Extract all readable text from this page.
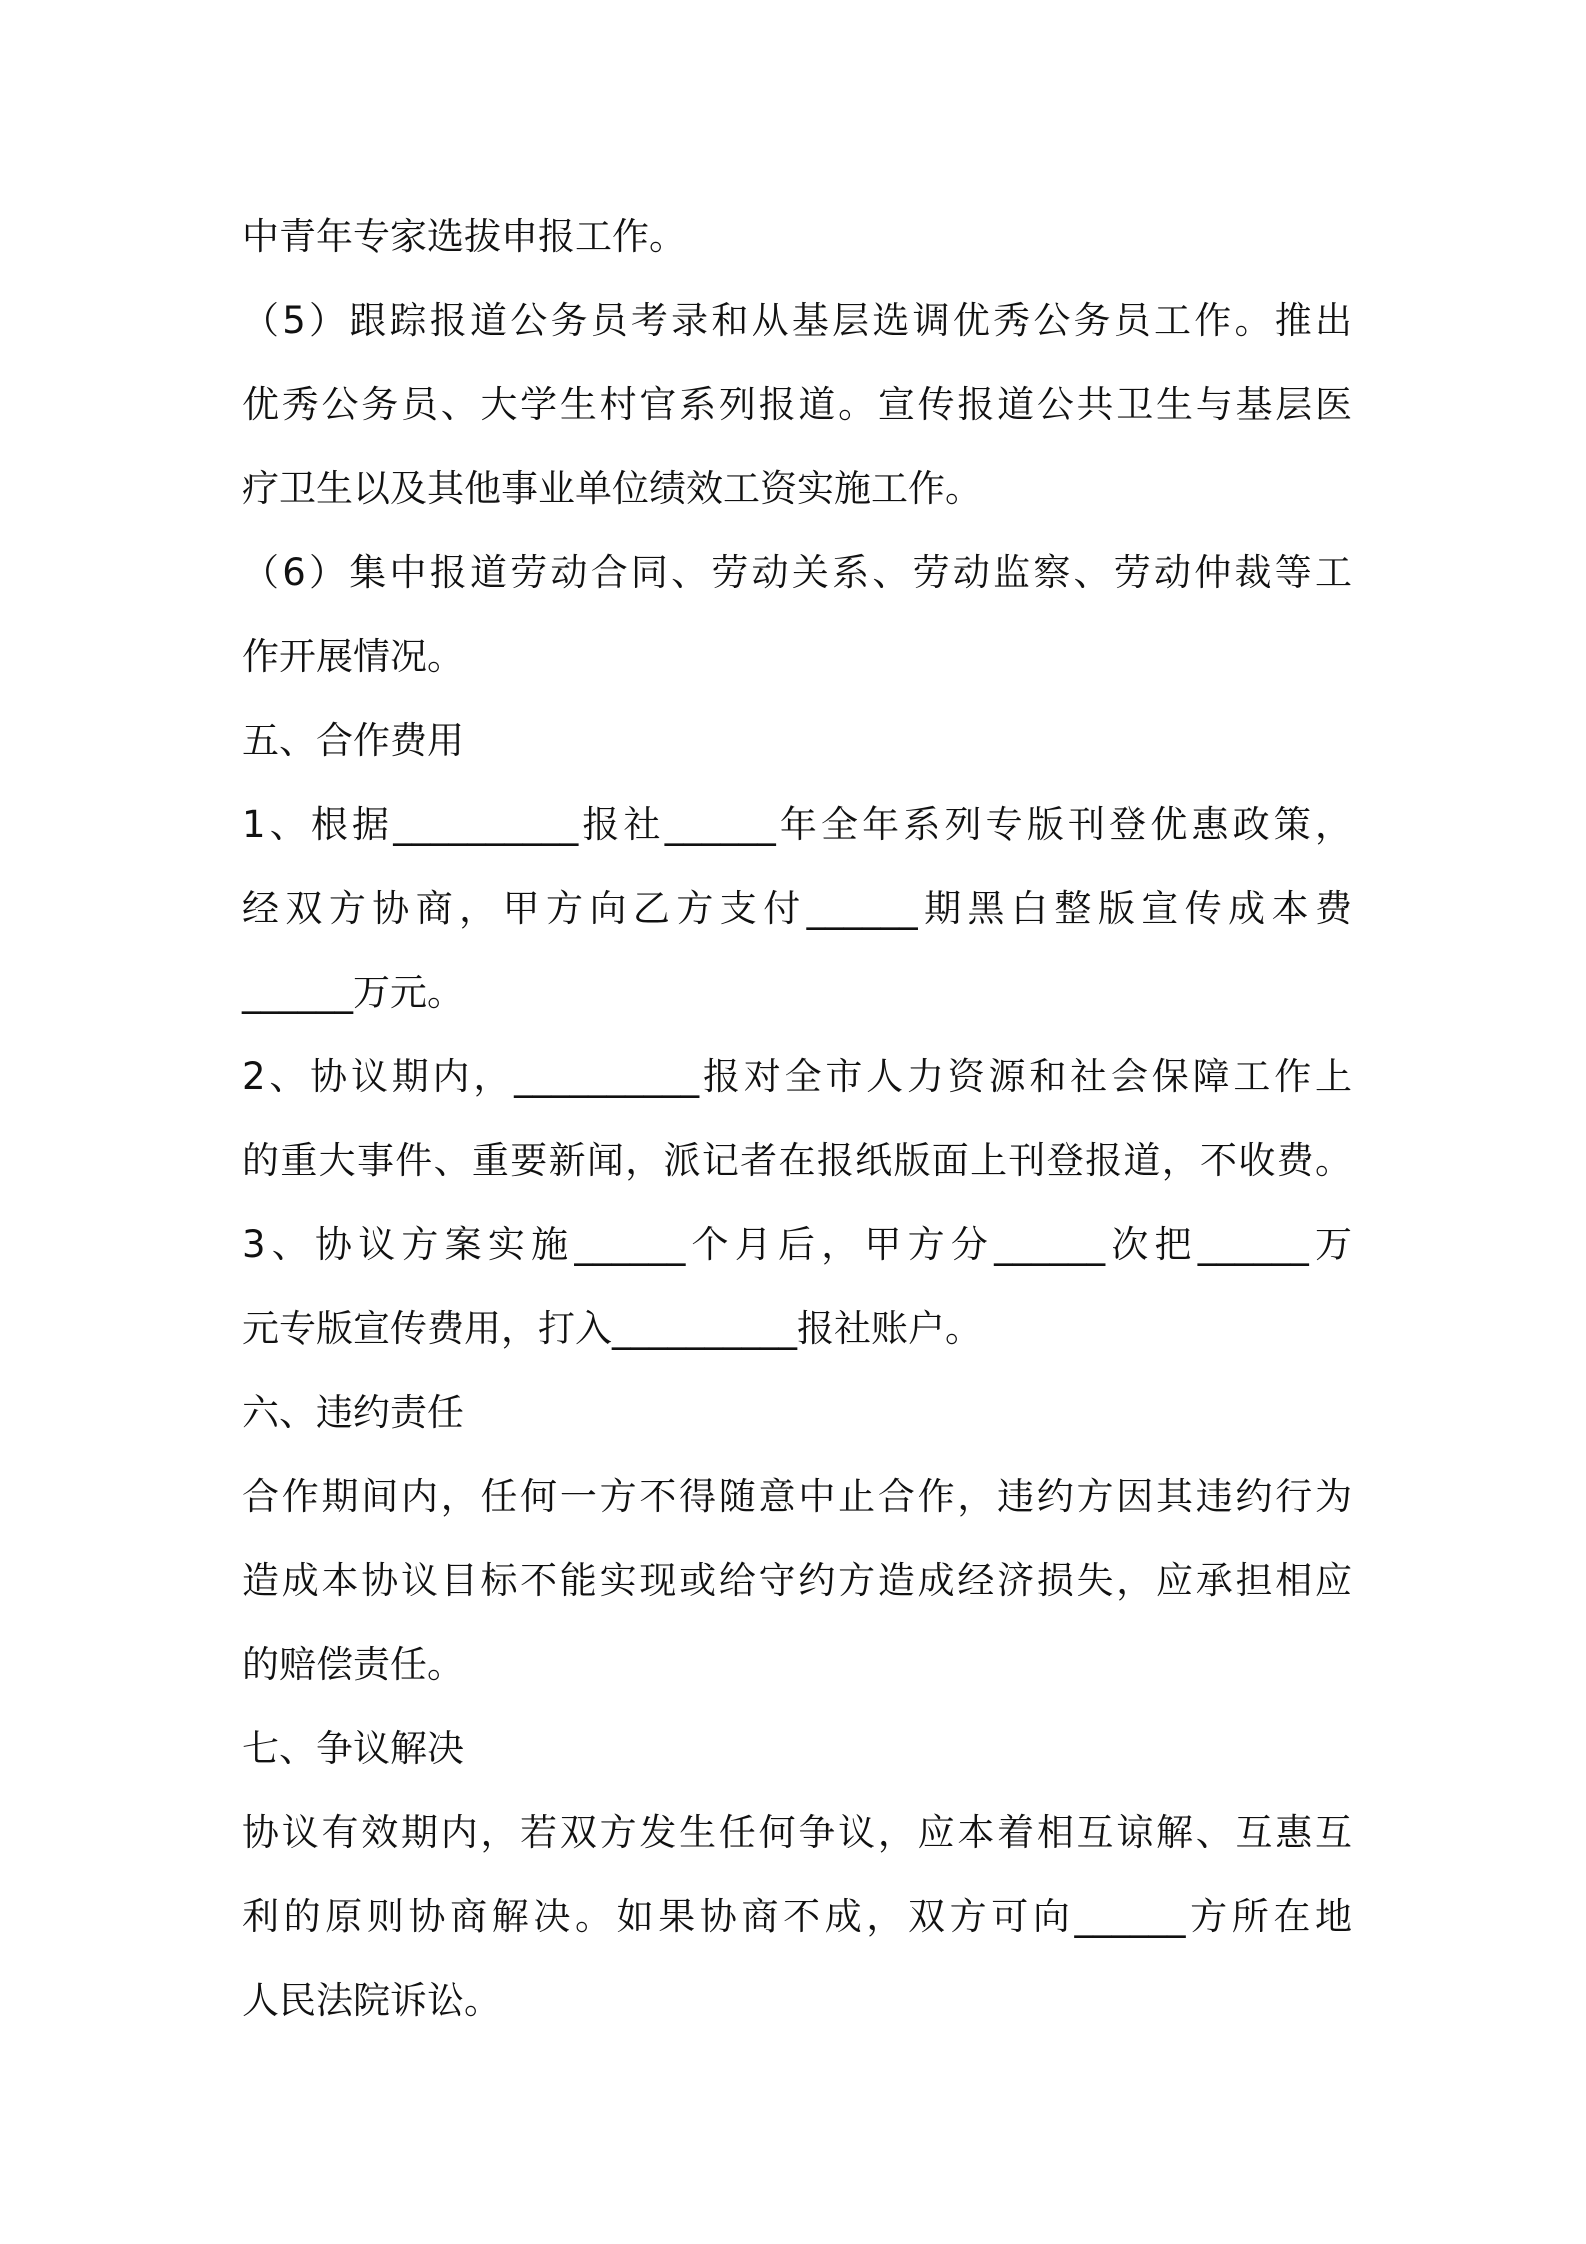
中青年专家选拔申报工作。

（5）跟踪报道公务员考录和从基层选调优秀公务员工作。推出

优秀公务员、大学生村官系列报道。宣传报道公共卫生与基层医

疗卫生以及其他事业单位绩效工资实施工作。

（6）集中报道劳动合同、劳动关系、劳动监察、劳动仲裁等工

作开展情况。

五、合作费用

1、根据__________报社______年全年系列专版刊登优惠政策，

经双方协商，甲方向乙方支付______期黑白整版宣传成本费

______万元。

2、协议期内，__________报对全市人力资源和社会保障工作上

的重大事件、重要新闻，派记者在报纸版面上刊登报道，不收费。

3、协议方案实施______个月后，甲方分______次把______万

元专版宣传费用，打入__________报社账户。

六、违约责任

合作期间内，任何一方不得随意中止合作，违约方因其违约行为

造成本协议目标不能实现或给守约方造成经济损失，应承担相应

的赔偿责任。

七、争议解决

协议有效期内，若双方发生任何争议，应本着相互谅解、互惠互

利的原则协商解决。如果协商不成，双方可向______方所在地

人民法院诉讼。
